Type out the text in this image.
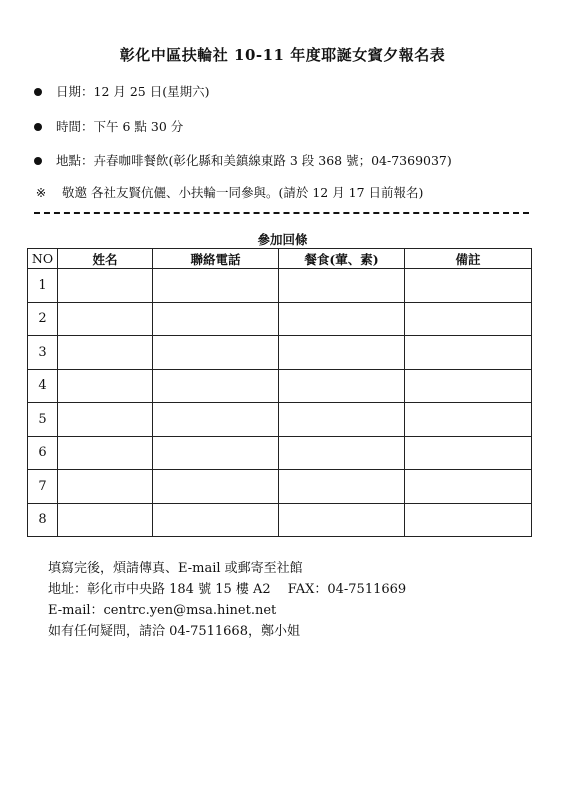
彰化中區扶輪社 10-11 年度耶誕女賓夕報名表
日期：12 月 25 日(星期六)
時間：下午 6 點 30 分
地點：卉春咖啡餐飲(彰化縣和美鎮線東路 3 段 368 號；04-7369037)
※ 敬邀 各社友賢伉儷、小扶輪一同參與。(請於 12 月 17 日前報名)
參加回條
NO	姓名	聯絡電話	餐食(葷、素)	備註
1				
2				
3				
4				
5				
6				
7				
8				
填寫完後，煩請傳真、E-mail 或郵寄至社館
地址：彰化市中央路 184 號 15 樓 A2　 FAX：04-7511669
E-mail：centrc.yen@msa.hinet.net
如有任何疑問，請洽 04-7511668，鄭小姐
